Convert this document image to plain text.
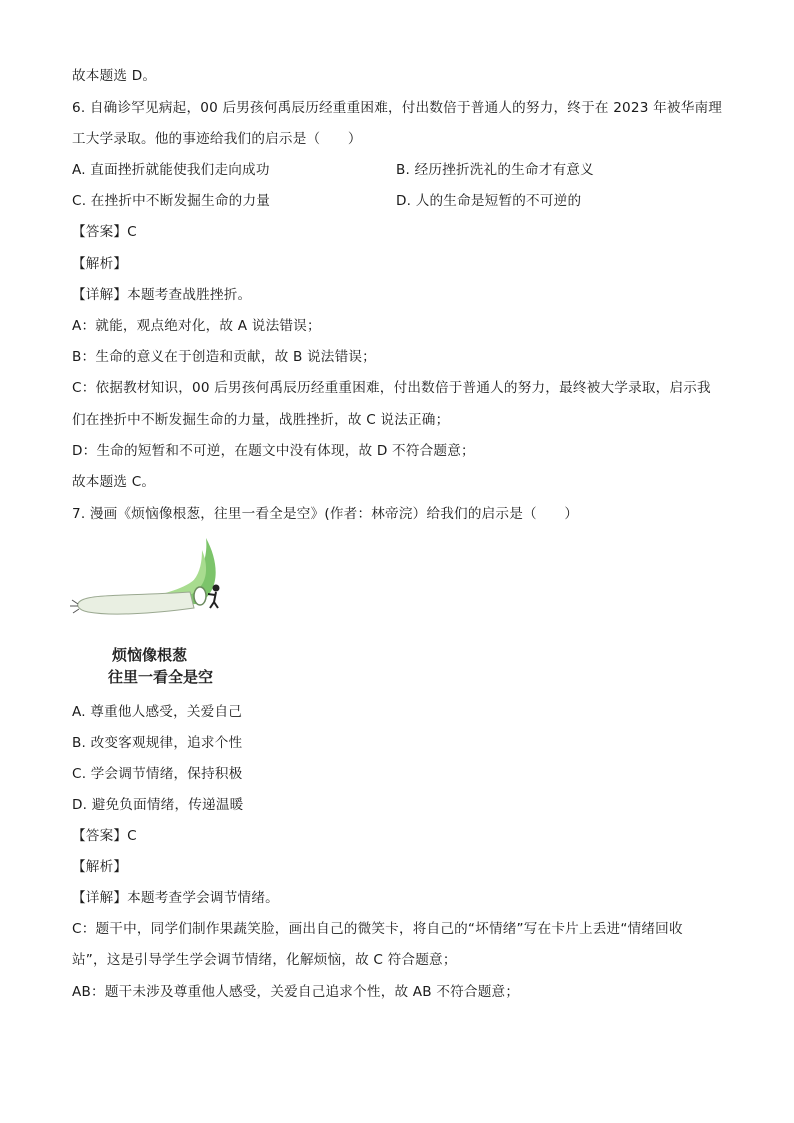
故本题选 D。
6. 自确诊罕见病起，00 后男孩何禹辰历经重重困难，付出数倍于普通人的努力，终于在 2023 年被华南理
工大学录取。他的事迹给我们的启示是（　　）
A. 直面挫折就能使我们走向成功	B. 经历挫折洗礼的生命才有意义
C. 在挫折中不断发掘生命的力量	D. 人的生命是短暂的不可逆的
【答案】C
【解析】
【详解】本题考查战胜挫折。
A：就能，观点绝对化，故 A 说法错误；
B：生命的意义在于创造和贡献，故 B 说法错误；
C：依据教材知识，00 后男孩何禹辰历经重重困难，付出数倍于普通人的努力，最终被大学录取，启示我
们在挫折中不断发掘生命的力量，战胜挫折，故 C 说法正确；
D：生命的短暂和不可逆，在题文中没有体现，故 D 不符合题意；
故本题选 C。
7. 漫画《烦恼像根葱，往里一看全是空》(作者：林帝浣）给我们的启示是（　　）
烦恼像根葱
往里一看全是空
A. 尊重他人感受，关爱自己
B. 改变客观规律，追求个性
C. 学会调节情绪，保持积极
D. 避免负面情绪，传递温暖
【答案】C
【解析】
【详解】本题考查学会调节情绪。
C：题干中，同学们制作果蔬笑脸，画出自己的微笑卡，将自己的“坏情绪”写在卡片上丢进“情绪回收
站”，这是引导学生学会调节情绪，化解烦恼，故 C 符合题意；
AB：题干未涉及尊重他人感受，关爱自己追求个性，故 AB 不符合题意；
